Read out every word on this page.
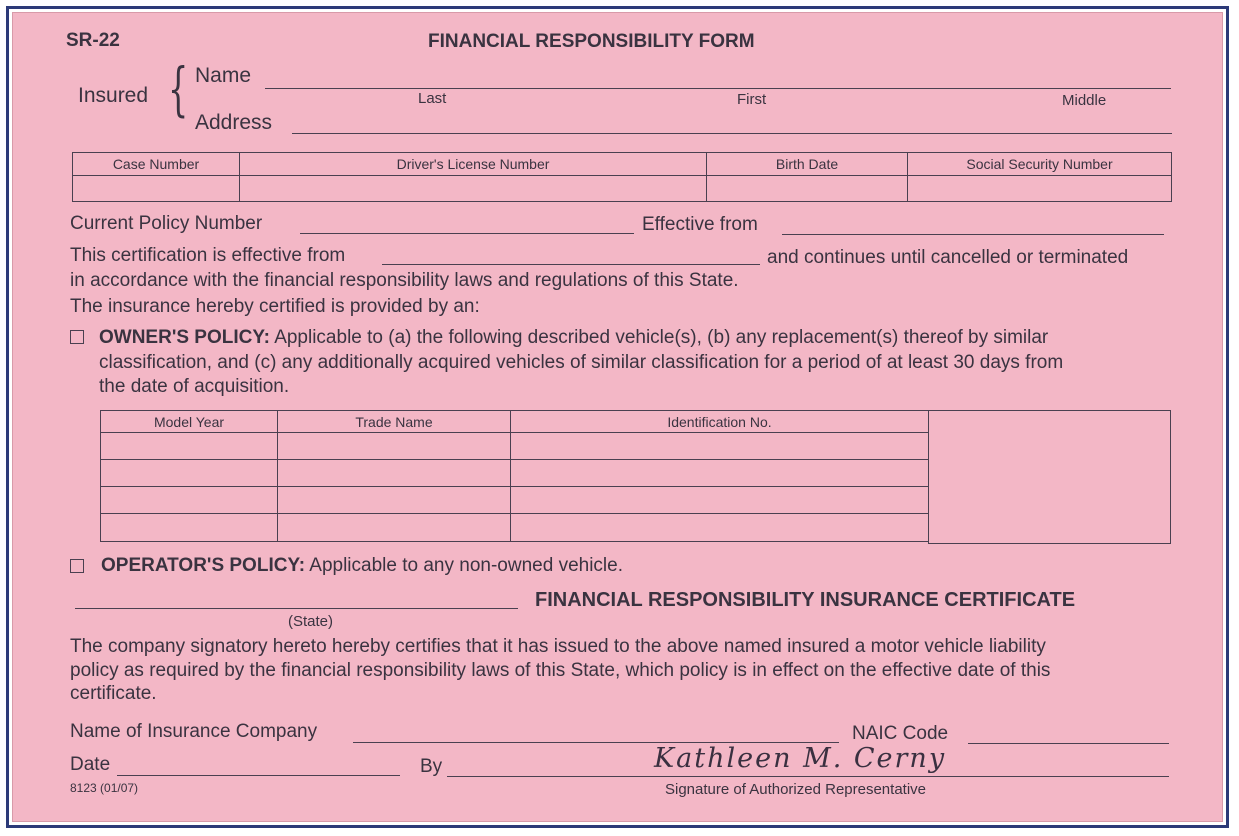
SR-22	FINANCIAL RESPONSIBILITY FORM
Insured { Name
Last	First	Middle
Address
Case Number	Driver's License Number	Birth Date	Social Security Number

Current Policy Number	Effective from
This certification is effective from	and continues until cancelled or terminated
in accordance with the financial responsibility laws and regulations of this State.
The insurance hereby certified is provided by an:
OWNER'S POLICY: Applicable to (a) the following described vehicle(s), (b) any replacement(s) thereof by similar
classification, and (c) any additionally acquired vehicles of similar classification for a period of at least 30 days from
the date of acquisition.
Model Year	Trade Name	Identification No.

OPERATOR'S POLICY: Applicable to any non-owned vehicle.
(State)
FINANCIAL RESPONSIBILITY INSURANCE CERTIFICATE
The company signatory hereto hereby certifies that it has issued to the above named insured a motor vehicle liability
policy as required by the financial responsibility laws of this State, which policy is in effect on the effective date of this
certificate.
Name of Insurance Company	NAIC Code
Date	By	Kathleen M. Cerny
8123 (01/07)	Signature of Authorized Representative
